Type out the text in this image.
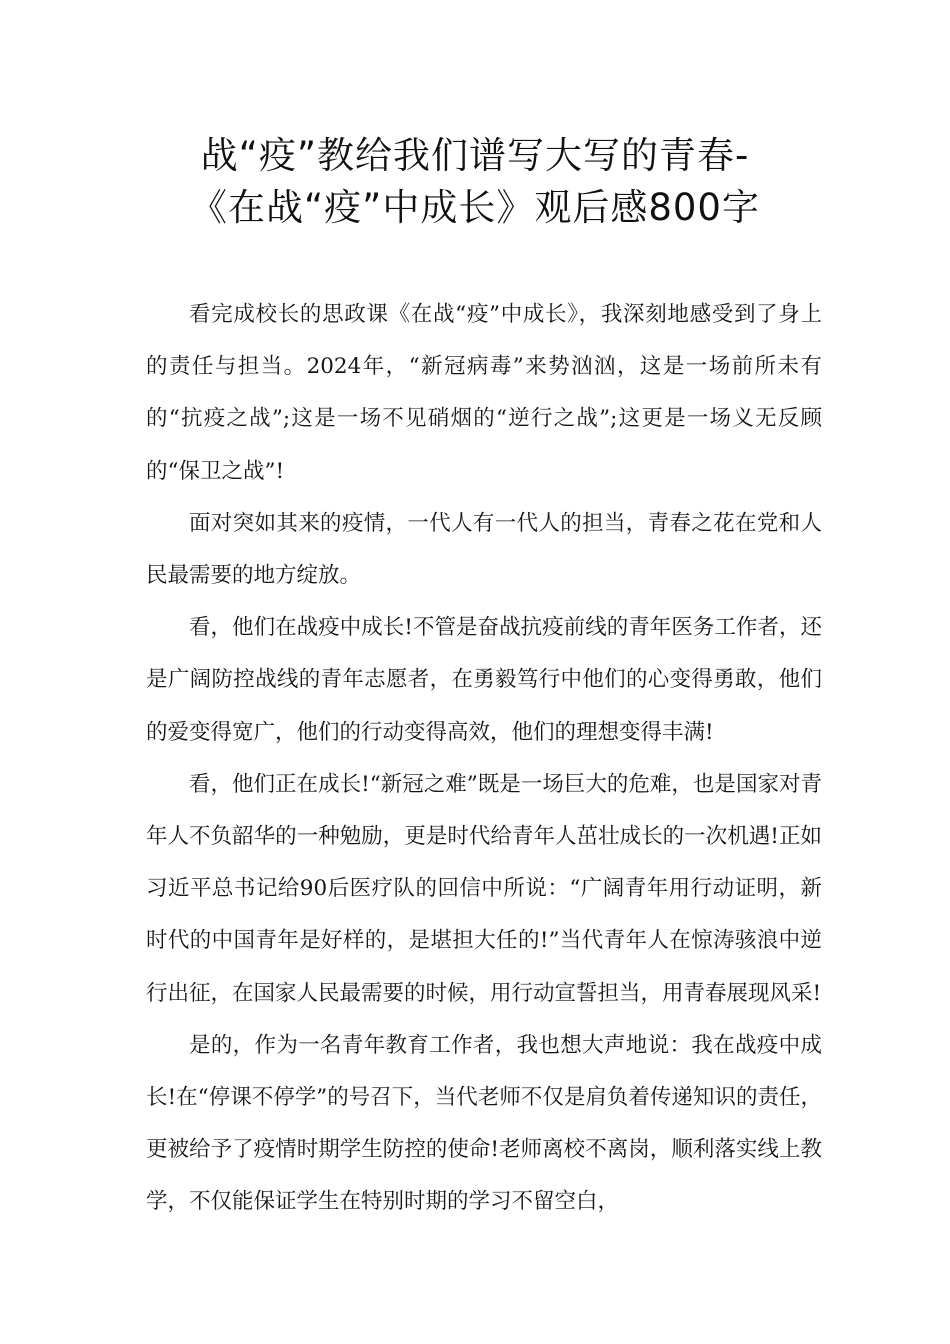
战“疫”教给我们谱写大写的青春-
《在战“疫”中成长》观后感800字

看完成校长的思政课《在战“疫”中成长》，我深刻地感受到了身上的责任与担当。2024年，“新冠病毒”来势汹汹，这是一场前所未有的“抗疫之战”;这是一场不见硝烟的“逆行之战”;这更是一场义无反顾的“保卫之战”!

面对突如其来的疫情，一代人有一代人的担当，青春之花在党和人民最需要的地方绽放。

看，他们在战疫中成长!不管是奋战抗疫前线的青年医务工作者，还是广阔防控战线的青年志愿者，在勇毅笃行中他们的心变得勇敢，他们的爱变得宽广，他们的行动变得高效，他们的理想变得丰满!

看，他们正在成长!“新冠之难”既是一场巨大的危难，也是国家对青年人不负韶华的一种勉励，更是时代给青年人茁壮成长的一次机遇!正如习近平总书记给90后医疗队的回信中所说：“广阔青年用行动证明，新时代的中国青年是好样的，是堪担大任的!”当代青年人在惊涛骇浪中逆行出征，在国家人民最需要的时候，用行动宣誓担当，用青春展现风采!

是的，作为一名青年教育工作者，我也想大声地说：我在战疫中成长!在“停课不停学”的号召下，当代老师不仅是肩负着传递知识的责任，更被给予了疫情时期学生防控的使命!老师离校不离岗，顺利落实线上教学，不仅能保证学生在特别时期的学习不留空白，
